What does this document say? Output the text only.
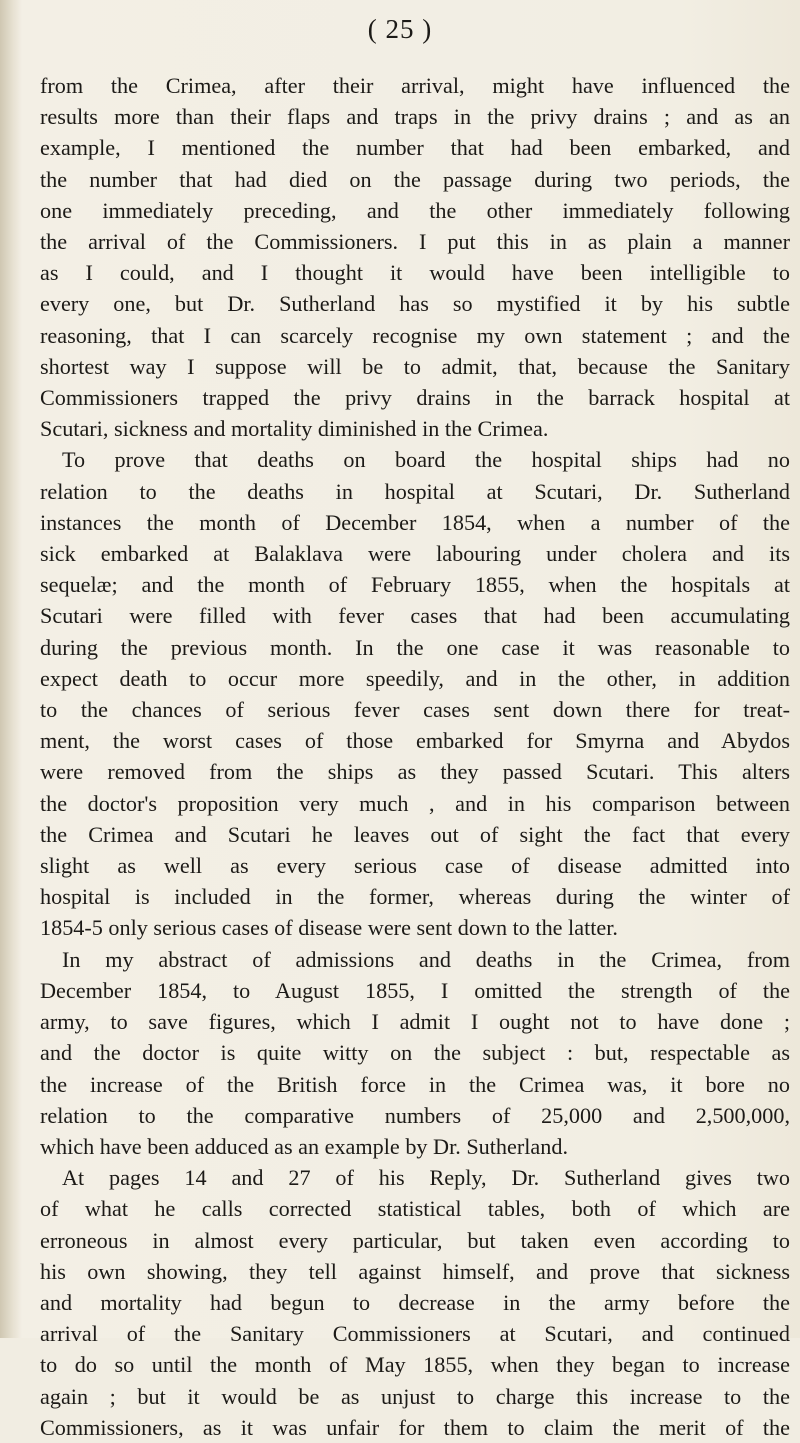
( 25 )
from the Crimea, after their arrival, might have influenced the
results more than their flaps and traps in the privy drains ; and as an
example, I mentioned the number that had been embarked, and
the number that had died on the passage during two periods, the
one immediately preceding, and the other immediately following
the arrival of the Commissioners. I put this in as plain a manner
as I could, and I thought it would have been intelligible to
every one, but Dr. Sutherland has so mystified it by his subtle
reasoning, that I can scarcely recognise my own statement ; and the
shortest way I suppose will be to admit, that, because the Sanitary
Commissioners trapped the privy drains in the barrack hospital at
Scutari, sickness and mortality diminished in the Crimea.
To prove that deaths on board the hospital ships had no
relation to the deaths in hospital at Scutari, Dr. Sutherland
instances the month of December 1854, when a number of the
sick embarked at Balaklava were labouring under cholera and its
sequelæ; and the month of February 1855, when the hospitals at
Scutari were filled with fever cases that had been accumulating
during the previous month. In the one case it was reasonable to
expect death to occur more speedily, and in the other, in addition
to the chances of serious fever cases sent down there for treat-
ment, the worst cases of those embarked for Smyrna and Abydos
were removed from the ships as they passed Scutari. This alters
the doctor's proposition very much , and in his comparison between
the Crimea and Scutari he leaves out of sight the fact that every
slight as well as every serious case of disease admitted into
hospital is included in the former, whereas during the winter of
1854-5 only serious cases of disease were sent down to the latter.
In my abstract of admissions and deaths in the Crimea, from
December 1854, to August 1855, I omitted the strength of the
army, to save figures, which I admit I ought not to have done ;
and the doctor is quite witty on the subject : but, respectable as
the increase of the British force in the Crimea was, it bore no
relation to the comparative numbers of 25,000 and 2,500,000,
which have been adduced as an example by Dr. Sutherland.
At pages 14 and 27 of his Reply, Dr. Sutherland gives two
of what he calls corrected statistical tables, both of which are
erroneous in almost every particular, but taken even according to
his own showing, they tell against himself, and prove that sickness
and mortality had begun to decrease in the army before the
arrival of the Sanitary Commissioners at Scutari, and continued
to do so until the month of May 1855, when they began to increase
again ; but it would be as unjust to charge this increase to the
Commissioners, as it was unfair for them to claim the merit of the
